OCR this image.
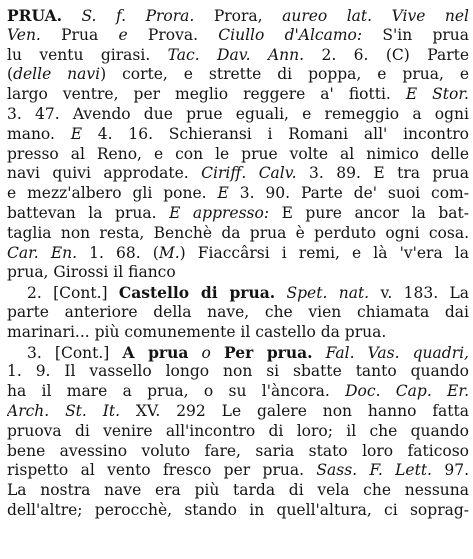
PRUA. S. f. Prora. Prora, aureo lat. Vive nel
Ven. Prua e Prova. Ciullo d'Alcamo: S'in prua
lu ventu girasi. Tac. Dav. Ann. 2. 6. (C) Parte
(delle navi) corte, e strette di poppa, e prua, e
largo ventre, per meglio reggere a' fiotti. E Stor.
3. 47. Avendo due prue eguali, e remeggio a ogni
mano. E 4. 16. Schieransi i Romani all' incontro
presso al Reno, e con le prue volte al nimico delle
navi quivi approdate. Ciriff. Calv. 3. 89. E tra prua
e mezz'albero gli pone. E 3. 90. Parte de' suoi com-
battevan la prua. E appresso: E pure ancor la bat-
taglia non resta, Benchè da prua è perduto ogni cosa.
Car. En. 1. 68. (M.) Fiaccârsi i remi, e là 'v'era la
prua, Girossi il fianco
2. [Cont.] Castello di prua. Spet. nat. v. 183. La
parte anteriore della nave, che vien chiamata dai
marinari... più comunemente il castello da prua.
3. [Cont.] A prua o Per prua. Fal. Vas. quadri,
1. 9. Il vassello longo non si sbatte tanto quando
ha il mare a prua, o su l'àncora. Doc. Cap. Er.
Arch. St. It. XV. 292 Le galere non hanno fatta
pruova di venire all'incontro di loro; il che quando
bene avessino voluto fare, saria stato loro faticoso
rispetto al vento fresco per prua. Sass. F. Lett. 97.
La nostra nave era più tarda di vela che nessuna
dell'altre; perocchè, stando in quell'altura, ci soprag-
